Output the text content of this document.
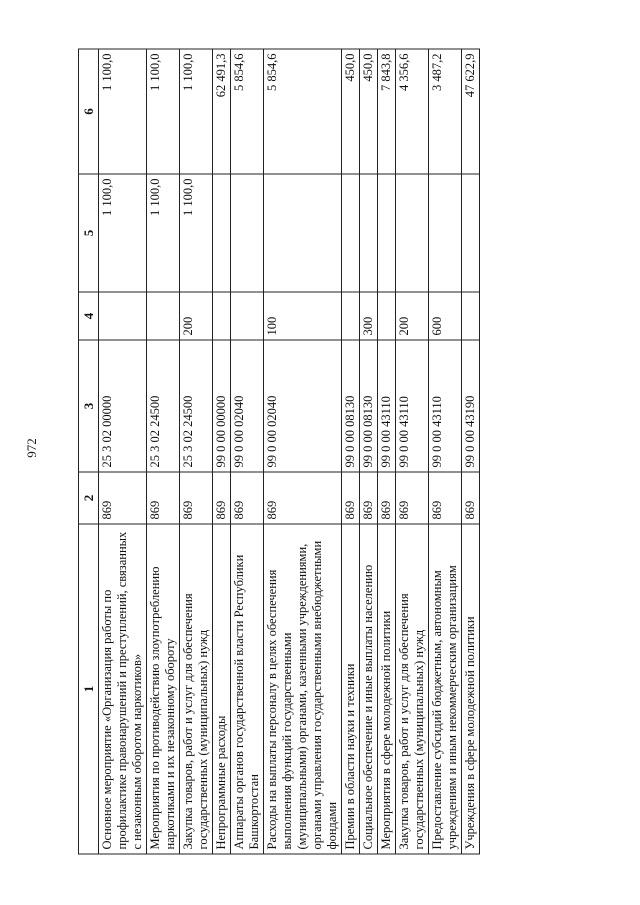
972
1	2	3	4	5	6
Основное мероприятие «Организация работы по профилактике правонарушений и преступлений, связанных с незаконным оборотом наркотиков»	869	25 3 02 00000		1 100,0	1 100,0
Мероприятия по противодействию злоупотреблению наркотиками и их незаконному обороту	869	25 3 02 24500		1 100,0	1 100,0
Закупка товаров, работ и услуг для обеспечения государственных (муниципальных) нужд	869	25 3 02 24500	200	1 100,0	1 100,0
Непрограммные расходы	869	99 0 00 00000			62 491,3
Аппараты органов государственной власти Республики Башкортостан	869	99 0 00 02040			5 854,6
Расходы на выплаты персоналу в целях обеспечения выполнения функций государственными (муниципальными) органами, казенными учреждениями, органами управления государственными внебюджетными фондами	869	99 0 00 02040	100		5 854,6
Премии в области науки и техники	869	99 0 00 08130			450,0
Социальное обеспечение и иные выплаты населению	869	99 0 00 08130	300		450,0
Мероприятия в сфере молодежной политики	869	99 0 00 43110			7 843,8
Закупка товаров, работ и услуг для обеспечения государственных (муниципальных) нужд	869	99 0 00 43110	200		4 356,6
Предоставление субсидий бюджетным, автономным учреждениям и иным некоммерческим организациям	869	99 0 00 43110	600		3 487,2
Учреждения в сфере молодежной политики	869	99 0 00 43190			47 622,9
